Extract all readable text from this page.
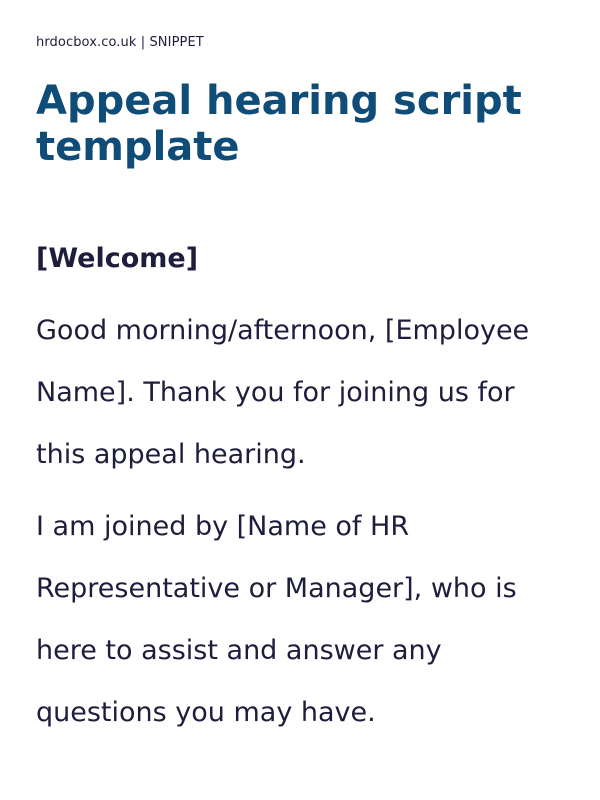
hrdocbox.co.uk | SNIPPET
Appeal hearing script template
[Welcome]

Good morning/afternoon, [Employee Name]. Thank you for joining us for this appeal hearing.

I am joined by [Name of HR Representative or Manager], who is here to assist and answer any questions you may have.
